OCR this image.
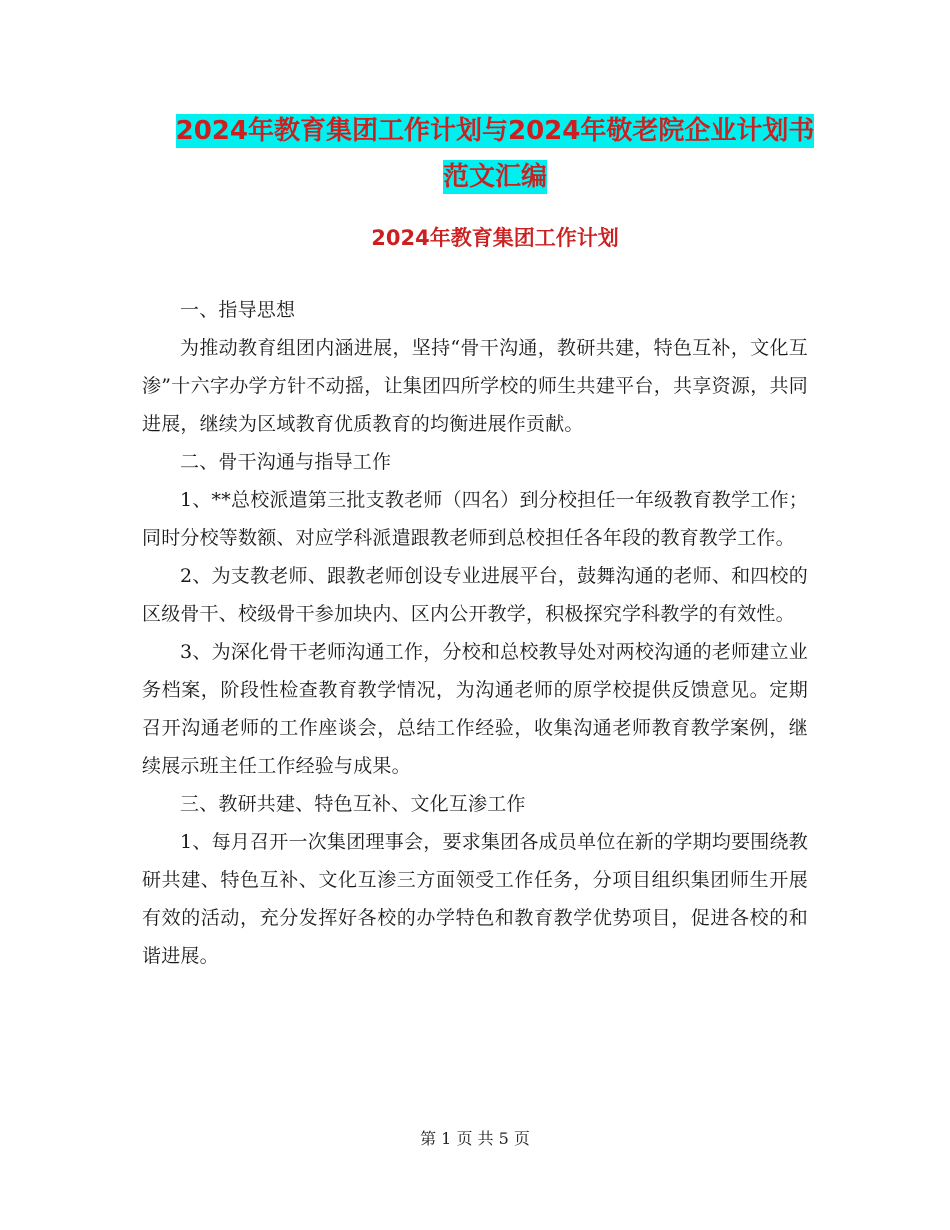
2024年教育集团工作计划与2024年敬老院企业计划书
范文汇编
2024年教育集团工作计划

一、指导思想

为推动教育组团内涵进展，坚持“骨干沟通，教研共建，特色互补，文化互渗”十六字办学方针不动摇，让集团四所学校的师生共建平台，共享资源，共同进展，继续为区域教育优质教育的均衡进展作贡献。

二、骨干沟通与指导工作

1、**总校派遣第三批支教老师（四名）到分校担任一年级教育教学工作；同时分校等数额、对应学科派遣跟教老师到总校担任各年段的教育教学工作。

2、为支教老师、跟教老师创设专业进展平台，鼓舞沟通的老师、和四校的区级骨干、校级骨干参加块内、区内公开教学，积极探究学科教学的有效性。

3、为深化骨干老师沟通工作，分校和总校教导处对两校沟通的老师建立业务档案，阶段性检查教育教学情况，为沟通老师的原学校提供反馈意见。定期召开沟通老师的工作座谈会，总结工作经验，收集沟通老师教育教学案例，继续展示班主任工作经验与成果。

三、教研共建、特色互补、文化互渗工作

1、每月召开一次集团理事会，要求集团各成员单位在新的学期均要围绕教研共建、特色互补、文化互渗三方面领受工作任务，分项目组织集团师生开展有效的活动，充分发挥好各校的办学特色和教育教学优势项目，促进各校的和谐进展。

第 1 页 共 5 页
